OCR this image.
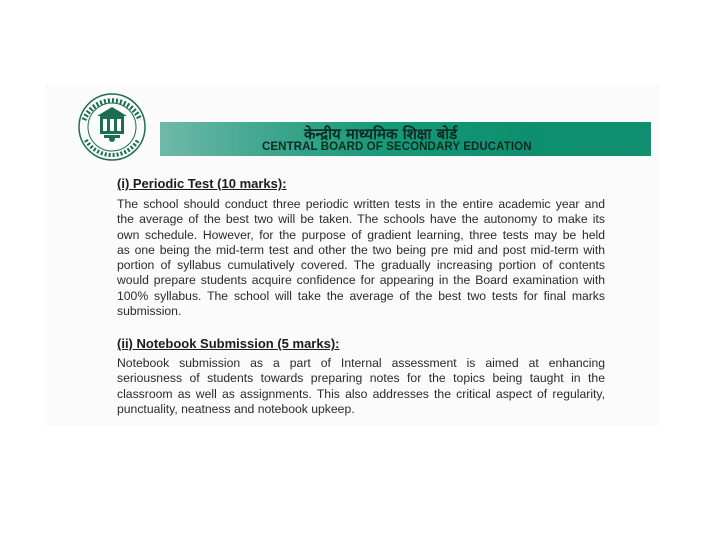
केन्द्रीय माध्यमिक शिक्षा बोर्ड
CENTRAL BOARD OF SECONDARY EDUCATION
(i) Periodic Test (10 marks):
The school should conduct three periodic written tests in the entire academic year and
the average of the best two will be taken. The schools have the autonomy to make its
own schedule. However, for the purpose of gradient learning, three tests may be held
as one being the mid-term test and other the two being pre mid and post mid-term with
portion of syllabus cumulatively covered. The gradually increasing portion of contents
would prepare students acquire confidence for appearing in the Board examination with
100% syllabus. The school will take the average of the best two tests for final marks
submission.
(ii) Notebook Submission (5 marks):
Notebook submission as a part of Internal assessment is aimed at enhancing
seriousness of students towards preparing notes for the topics being taught in the
classroom as well as assignments. This also addresses the critical aspect of regularity,
punctuality, neatness and notebook upkeep.
